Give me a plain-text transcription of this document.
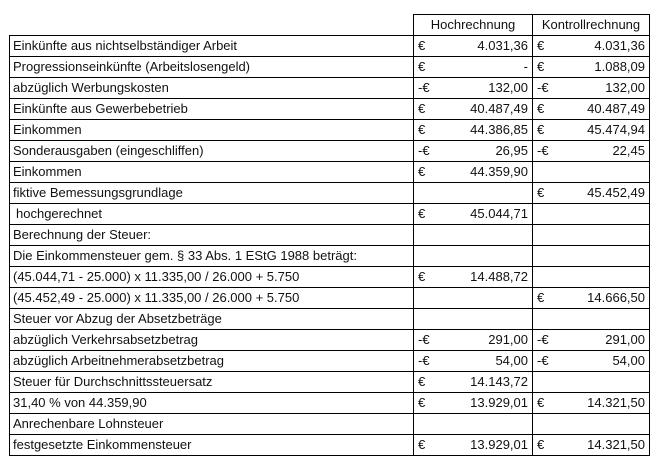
	Hochrechnung		Kontrollrechnung	
Einkünfte aus nichtselbständiger Arbeit	€	4.031,36	€	4.031,36
Progressionseinkünfte (Arbeitslosengeld)	€	-	€	1.088,09
abzüglich Werbungskosten	-€	132,00	-€	132,00
Einkünfte aus Gewerbebetrieb	€	40.487,49	€	40.487,49
Einkommen	€	44.386,85	€	45.474,94
Sonderausgaben (eingeschliffen)	-€	26,95	-€	22,45
Einkommen	€	44.359,90		
fiktive Bemessungsgrundlage			€	45.452,49
hochgerechnet	€	45.044,71		
Berechnung der Steuer:				
Die Einkommensteuer gem. § 33 Abs. 1 EStG 1988 beträgt:				
(45.044,71 - 25.000) x 11.335,00 / 26.000 + 5.750	€	14.488,72		
(45.452,49 - 25.000) x 11.335,00 / 26.000 + 5.750			€	14.666,50
Steuer vor Abzug der Absetzbeträge				
abzüglich Verkehrsabsetzbetrag	-€	291,00	-€	291,00
abzüglich Arbeitnehmerabsetzbetrag	-€	54,00	-€	54,00
Steuer für Durchschnittssteuersatz	€	14.143,72		
31,40 % von 44.359,90	€	13.929,01	€	14.321,50
Anrechenbare Lohnsteuer				
festgesetzte Einkommensteuer	€	13.929,01	€	14.321,50
